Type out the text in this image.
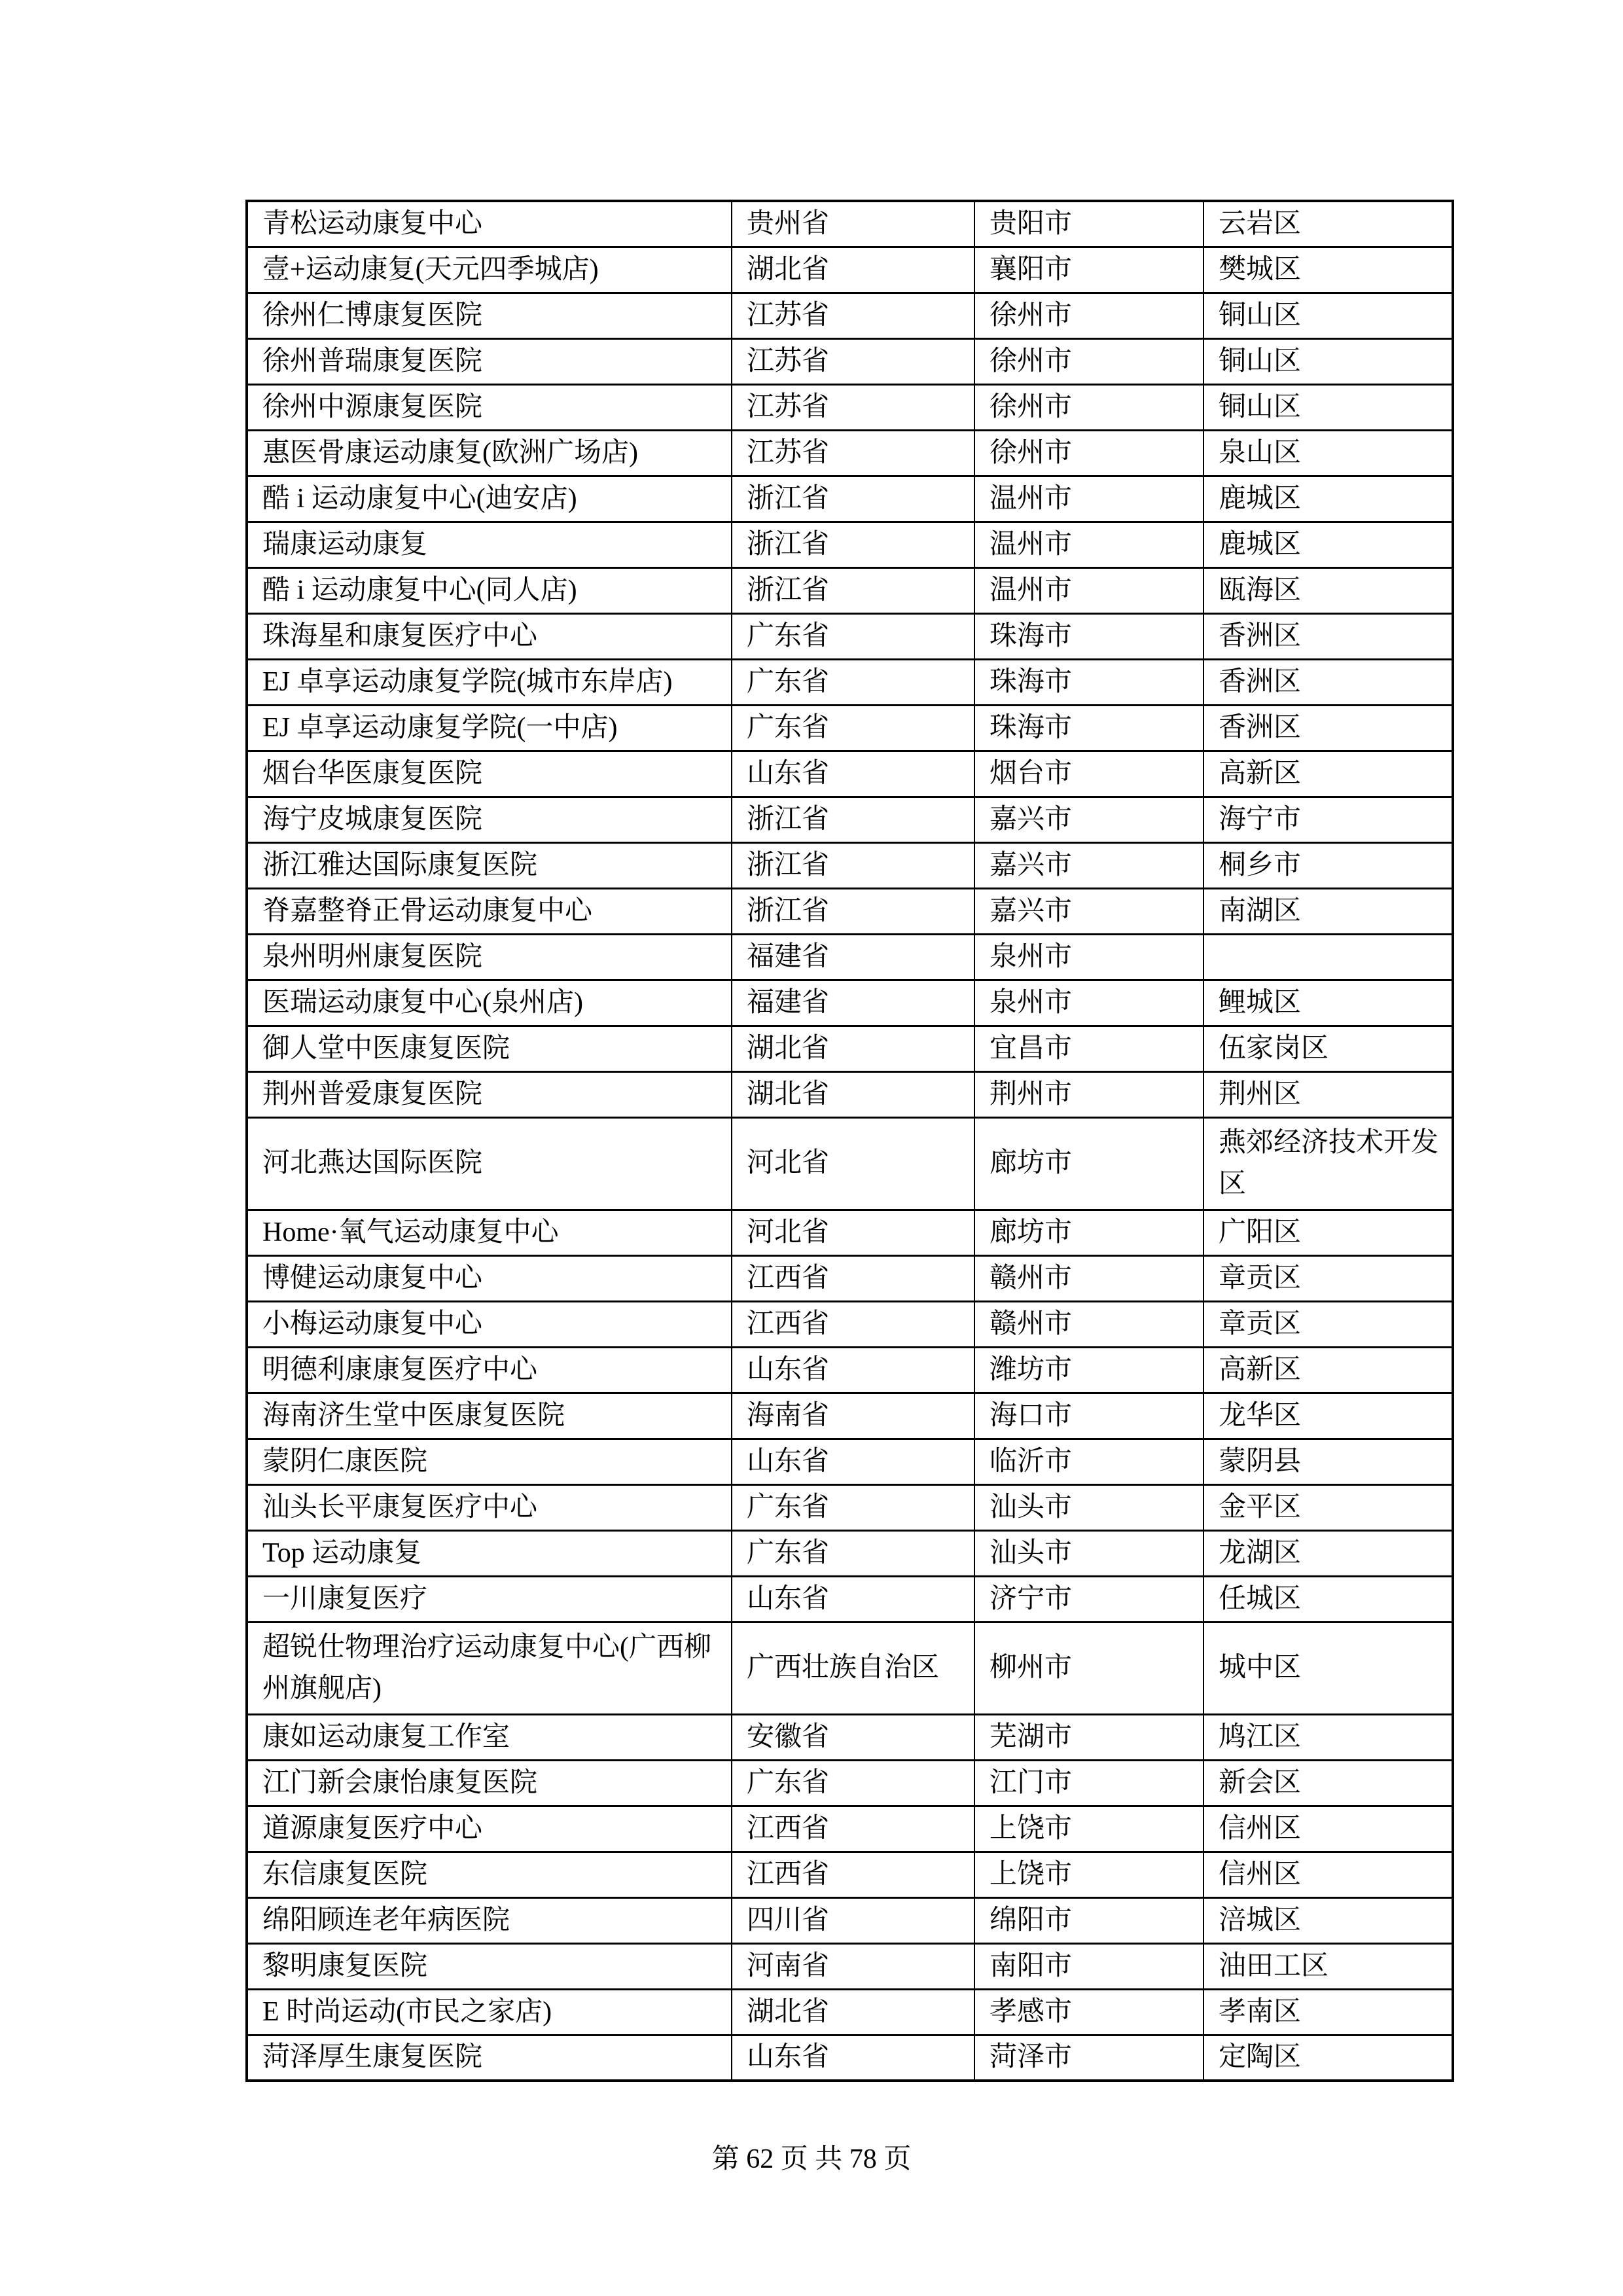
青松运动康复中心	贵州省	贵阳市	云岩区
壹+运动康复(天元四季城店)	湖北省	襄阳市	樊城区
徐州仁博康复医院	江苏省	徐州市	铜山区
徐州普瑞康复医院	江苏省	徐州市	铜山区
徐州中源康复医院	江苏省	徐州市	铜山区
惠医骨康运动康复(欧洲广场店)	江苏省	徐州市	泉山区
酷 i 运动康复中心(迪安店)	浙江省	温州市	鹿城区
瑞康运动康复	浙江省	温州市	鹿城区
酷 i 运动康复中心(同人店)	浙江省	温州市	瓯海区
珠海星和康复医疗中心	广东省	珠海市	香洲区
EJ 卓享运动康复学院(城市东岸店)	广东省	珠海市	香洲区
EJ 卓享运动康复学院(一中店)	广东省	珠海市	香洲区
烟台华医康复医院	山东省	烟台市	高新区
海宁皮城康复医院	浙江省	嘉兴市	海宁市
浙江雅达国际康复医院	浙江省	嘉兴市	桐乡市
脊嘉整脊正骨运动康复中心	浙江省	嘉兴市	南湖区
泉州明州康复医院	福建省	泉州市	
医瑞运动康复中心(泉州店)	福建省	泉州市	鲤城区
御人堂中医康复医院	湖北省	宜昌市	伍家岗区
荆州普爱康复医院	湖北省	荆州市	荆州区
河北燕达国际医院	河北省	廊坊市	燕郊经济技术开发区
Home·氧气运动康复中心	河北省	廊坊市	广阳区
博健运动康复中心	江西省	赣州市	章贡区
小梅运动康复中心	江西省	赣州市	章贡区
明德利康康复医疗中心	山东省	潍坊市	高新区
海南济生堂中医康复医院	海南省	海口市	龙华区
蒙阴仁康医院	山东省	临沂市	蒙阴县
汕头长平康复医疗中心	广东省	汕头市	金平区
Top 运动康复	广东省	汕头市	龙湖区
一川康复医疗	山东省	济宁市	任城区
超锐仕物理治疗运动康复中心(广西柳州旗舰店)	广西壮族自治区	柳州市	城中区
康如运动康复工作室	安徽省	芜湖市	鸠江区
江门新会康怡康复医院	广东省	江门市	新会区
道源康复医疗中心	江西省	上饶市	信州区
东信康复医院	江西省	上饶市	信州区
绵阳顾连老年病医院	四川省	绵阳市	涪城区
黎明康复医院	河南省	南阳市	油田工区
E 时尚运动(市民之家店)	湖北省	孝感市	孝南区
菏泽厚生康复医院	山东省	菏泽市	定陶区
第 62 页 共 78 页
